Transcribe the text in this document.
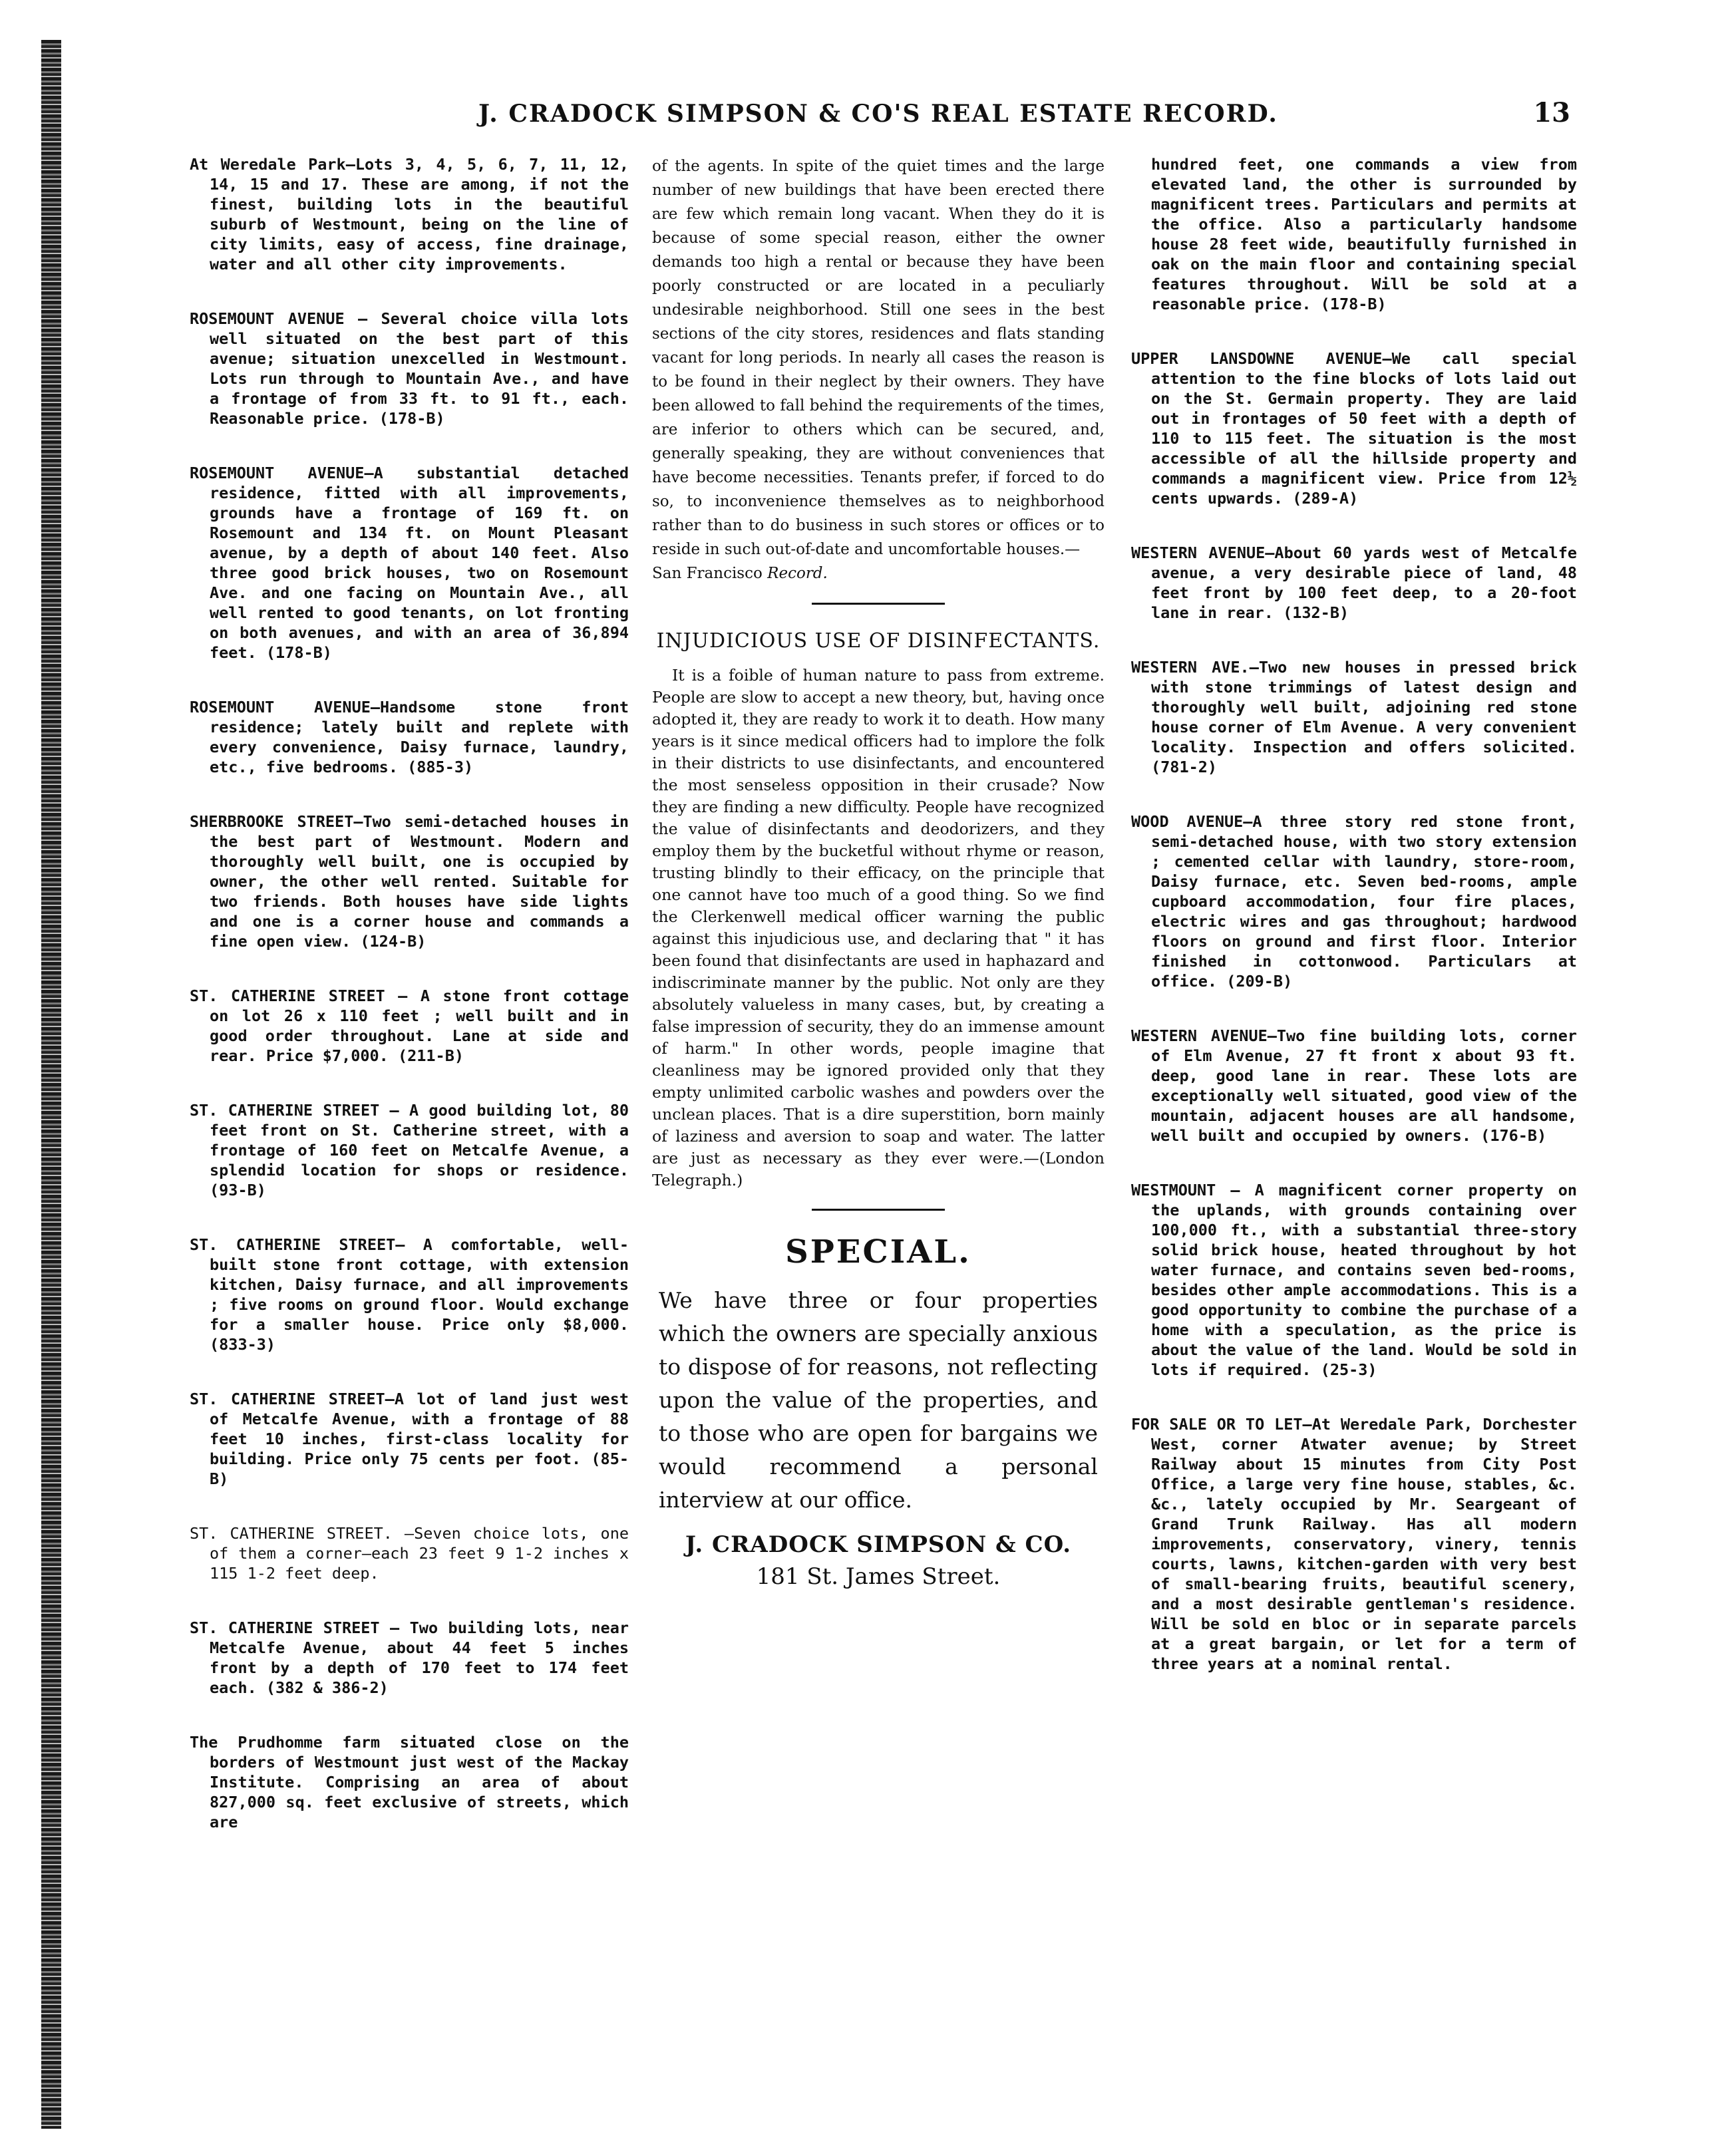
J. CRADOCK SIMPSON & CO'S REAL ESTATE RECORD.	13

At Weredale Park—Lots 3, 4, 5, 6, 7, 11, 12, 14, 15 and 17. These are among, if not the finest, building lots in the beautiful suburb of Westmount, being on the line of city limits, easy of access, fine drainage, water and all other city improvements.

ROSEMOUNT AVENUE — Several choice villa lots well situated on the best part of this avenue; situation unexcelled in Westmount. Lots run through to Mountain Ave., and have a frontage of from 33 ft. to 91 ft., each. Reasonable price. (178-B)

ROSEMOUNT AVENUE—A substantial detached residence, fitted with all improvements, grounds have a frontage of 169 ft. on Rosemount and 134 ft. on Mount Pleasant avenue, by a depth of about 140 feet. Also three good brick houses, two on Rosemount Ave. and one facing on Mountain Ave., all well rented to good tenants, on lot fronting on both avenues, and with an area of 36,894 feet. (178-B)

ROSEMOUNT AVENUE—Handsome stone front residence; lately built and replete with every convenience, Daisy furnace, laundry, etc., five bedrooms. (885-3)

SHERBROOKE STREET—Two semi-detached houses in the best part of Westmount. Modern and thoroughly well built, one is occupied by owner, the other well rented. Suitable for two friends. Both houses have side lights and one is a corner house and commands a fine open view. (124-B)

ST. CATHERINE STREET — A stone front cottage on lot 26 x 110 feet ; well built and in good order throughout. Lane at side and rear. Price $7,000. (211-B)

ST. CATHERINE STREET — A good building lot, 80 feet front on St. Catherine street, with a frontage of 160 feet on Metcalfe Avenue, a splendid location for shops or residence. (93-B)

ST. CATHERINE STREET— A comfortable, well-built stone front cottage, with extension kitchen, Daisy furnace, and all improvements ; five rooms on ground floor. Would exchange for a smaller house. Price only $8,000. (833-3)

ST. CATHERINE STREET—A lot of land just west of Metcalfe Avenue, with a frontage of 88 feet 10 inches, first-class locality for building. Price only 75 cents per foot. (85-B)

ST. CATHERINE STREET. —Seven choice lots, one of them a corner—each 23 feet 9 1-2 inches x 115 1-2 feet deep.

ST. CATHERINE STREET — Two building lots, near Metcalfe Avenue, about 44 feet 5 inches front by a depth of 170 feet to 174 feet each. (382 & 386-2)

The Prudhomme farm situated close on the borders of Westmount just west of the Mackay Institute. Comprising an area of about 827,000 sq. feet exclusive of streets, which are

of the agents. In spite of the quiet times and the large number of new buildings that have been erected there are few which remain long vacant. When they do it is because of some special reason, either the owner demands too high a rental or because they have been poorly constructed or are located in a peculiarly undesirable neighborhood. Still one sees in the best sections of the city stores, residences and flats standing vacant for long periods. In nearly all cases the reason is to be found in their neglect by their owners. They have been allowed to fall behind the requirements of the times, are inferior to others which can be secured, and, generally speaking, they are without conveniences that have become necessities. Tenants prefer, if forced to do so, to inconvenience themselves as to neighborhood rather than to do business in such stores or offices or to reside in such out-of-date and uncomfortable houses.—
San Francisco Record.

INJUDICIOUS USE OF DISINFECTANTS.

It is a foible of human nature to pass from extreme. People are slow to accept a new theory, but, having once adopted it, they are ready to work it to death. How many years is it since medical officers had to implore the folk in their districts to use disinfectants, and encountered the most senseless opposition in their crusade? Now they are finding a new difficulty. People have recognized the value of disinfectants and deodorizers, and they employ them by the bucketful without rhyme or reason, trusting blindly to their efficacy, on the principle that one cannot have too much of a good thing. So we find the Clerkenwell medical officer warning the public against this injudicious use, and declaring that " it has been found that disinfectants are used in haphazard and indiscriminate manner by the public. Not only are they absolutely valueless in many cases, but, by creating a false impression of security, they do an immense amount of harm." In other words, people imagine that cleanliness may be ignored provided only that they empty unlimited carbolic washes and powders over the unclean places. That is a dire superstition, born mainly of laziness and aversion to soap and water. The latter are just as necessary as they ever were.—(London Telegraph.)

SPECIAL.

We have three or four properties which the owners are specially anxious to dispose of for reasons, not reflecting upon the value of the properties, and to those who are open for bargains we would recommend a personal interview at our office.

J. CRADOCK SIMPSON & CO.
181 St. James Street.

hundred feet, one commands a view from elevated land, the other is surrounded by magnificent trees. Particulars and permits at the office. Also a particularly handsome house 28 feet wide, beautifully furnished in oak on the main floor and containing special features throughout. Will be sold at a reasonable price. (178-B)

UPPER LANSDOWNE AVENUE—We call special attention to the fine blocks of lots laid out on the St. Germain property. They are laid out in frontages of 50 feet with a depth of 110 to 115 feet. The situation is the most accessible of all the hillside property and commands a magnificent view. Price from 12½ cents upwards. (289-A)

WESTERN AVENUE—About 60 yards west of Metcalfe avenue, a very desirable piece of land, 48 feet front by 100 feet deep, to a 20-foot lane in rear. (132-B)

WESTERN AVE.—Two new houses in pressed brick with stone trimmings of latest design and thoroughly well built, adjoining red stone house corner of Elm Avenue. A very convenient locality. Inspection and offers solicited. (781-2)

WOOD AVENUE—A three story red stone front, semi-detached house, with two story extension ; cemented cellar with laundry, store-room, Daisy furnace, etc. Seven bed-rooms, ample cupboard accommodation, four fire places, electric wires and gas throughout; hardwood floors on ground and first floor. Interior finished in cottonwood. Particulars at office. (209-B)

WESTERN AVENUE—Two fine building lots, corner of Elm Avenue, 27 ft front x about 93 ft. deep, good lane in rear. These lots are exceptionally well situated, good view of the mountain, adjacent houses are all handsome, well built and occupied by owners. (176-B)

WESTMOUNT — A magnificent corner property on the uplands, with grounds containing over 100,000 ft., with a substantial three-story solid brick house, heated throughout by hot water furnace, and contains seven bed-rooms, besides other ample accommodations. This is a good opportunity to combine the purchase of a home with a speculation, as the price is about the value of the land. Would be sold in lots if required. (25-3)

FOR SALE OR TO LET—At Weredale Park, Dorchester West, corner Atwater avenue; by Street Railway about 15 minutes from City Post Office, a large very fine house, stables, &c. &c., lately occupied by Mr. Seargeant of Grand Trunk Railway. Has all modern improvements, conservatory, vinery, tennis courts, lawns, kitchen-garden with very best of small-bearing fruits, beautiful scenery, and a most desirable gentleman's residence. Will be sold en bloc or in separate parcels at a great bargain, or let for a term of three years at a nominal rental.
